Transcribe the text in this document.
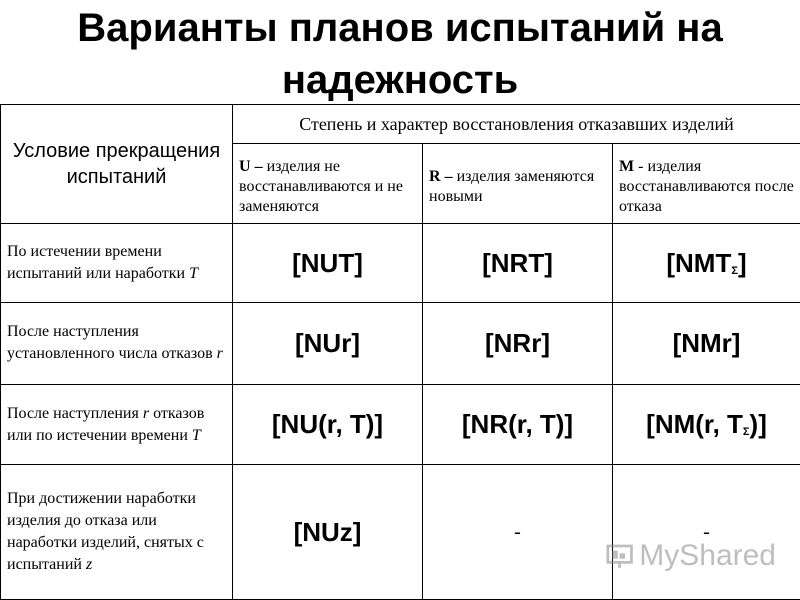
Варианты планов испытаний на
надежность
Условие прекращения испытаний	Степень и характер восстановления отказавших изделий		
	U – изделия не восстанавливаются и не заменяются	R – изделия заменяются новыми	M - изделия восстанавливаются после отказа
По истечении времени испытаний или наработки T	[NUT]	[NRT]	$[NMT_\Sigma]$
После наступления установленного числа отказов r	[NUr]	[NRr]	[NMr]
После наступления r отказов или по истечении времени T	[NU(r, T)]	[NR(r, T)]	[NM(r, $T_\Sigma$)]
При достижении наработки изделия до отказа или наработки изделий, снятых с испытаний z	[NUz]	-	-
MyShared
